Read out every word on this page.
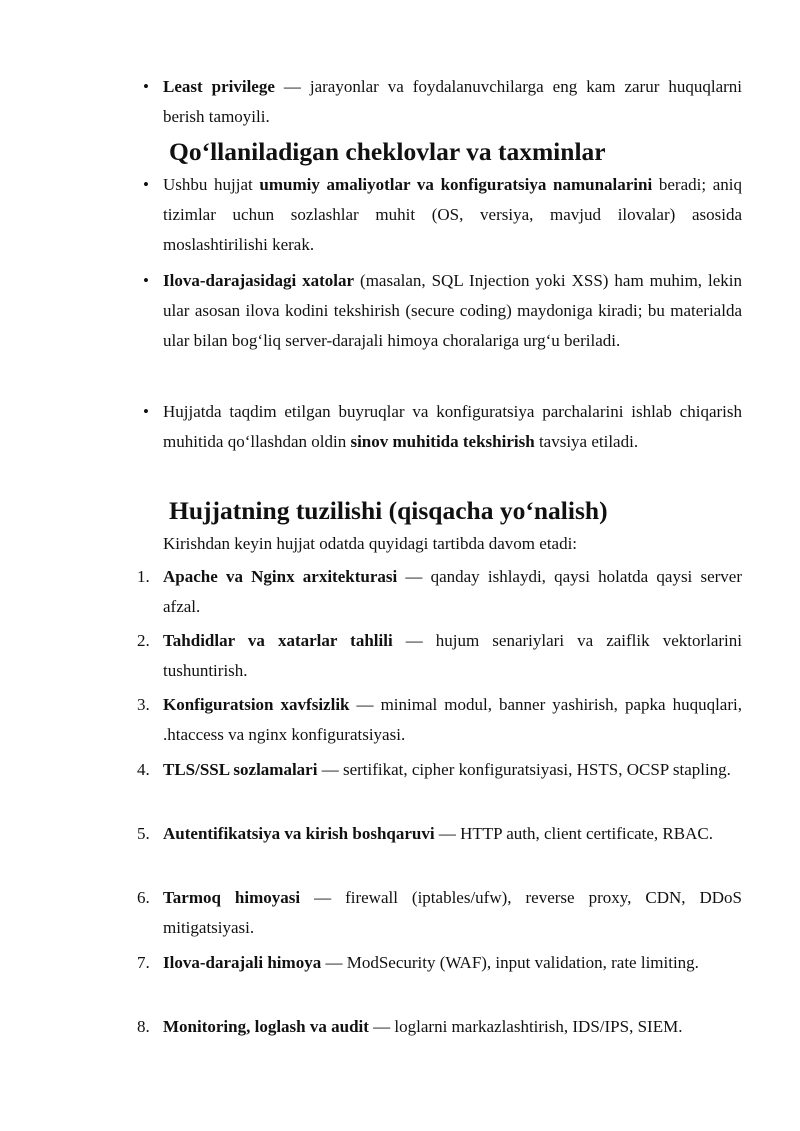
• Least privilege — jarayonlar va foydalanuvchilarga eng kam zarur huquqlarni berish tamoyili.

Qo‘llaniladigan cheklovlar va taxminlar

• Ushbu hujjat umumiy amaliyotlar va konfiguratsiya namunalarini beradi; aniq tizimlar uchun sozlashlar muhit (OS, versiya, mavjud ilovalar) asosida moslashtirilishi kerak.

• Ilova-darajasidagi xatolar (masalan, SQL Injection yoki XSS) ham muhim, lekin ular asosan ilova kodini tekshirish (secure coding) maydoniga kiradi; bu materialda ular bilan bog‘liq server-darajali himoya choralariga urg‘u beriladi.

• Hujjatda taqdim etilgan buyruqlar va konfiguratsiya parchalarini ishlab chiqarish muhitida qo‘llashdan oldin sinov muhitida tekshirish tavsiya etiladi.

Hujjatning tuzilishi (qisqacha yo‘nalish)

Kirishdan keyin hujjat odatda quyidagi tartibda davom etadi:

1. Apache va Nginx arxitekturasi — qanday ishlaydi, qaysi holatda qaysi server afzal.

2. Tahdidlar va xatarlar tahlili — hujum senariylari va zaiflik vektorlarini tushuntirish.

3. Konfiguratsion xavfsizlik — minimal modul, banner yashirish, papka huquqlari, .htaccess va nginx konfiguratsiyasi.

4. TLS/SSL sozlamalari — sertifikat, cipher konfiguratsiyasi, HSTS, OCSP stapling.

5. Autentifikatsiya va kirish boshqaruvi — HTTP auth, client certificate, RBAC.

6. Tarmoq himoyasi — firewall (iptables/ufw), reverse proxy, CDN, DDoS mitigatsiyasi.

7. Ilova-darajali himoya — ModSecurity (WAF), input validation, rate limiting.

8. Monitoring, loglash va audit — loglarni markazlashtirish, IDS/IPS, SIEM.
